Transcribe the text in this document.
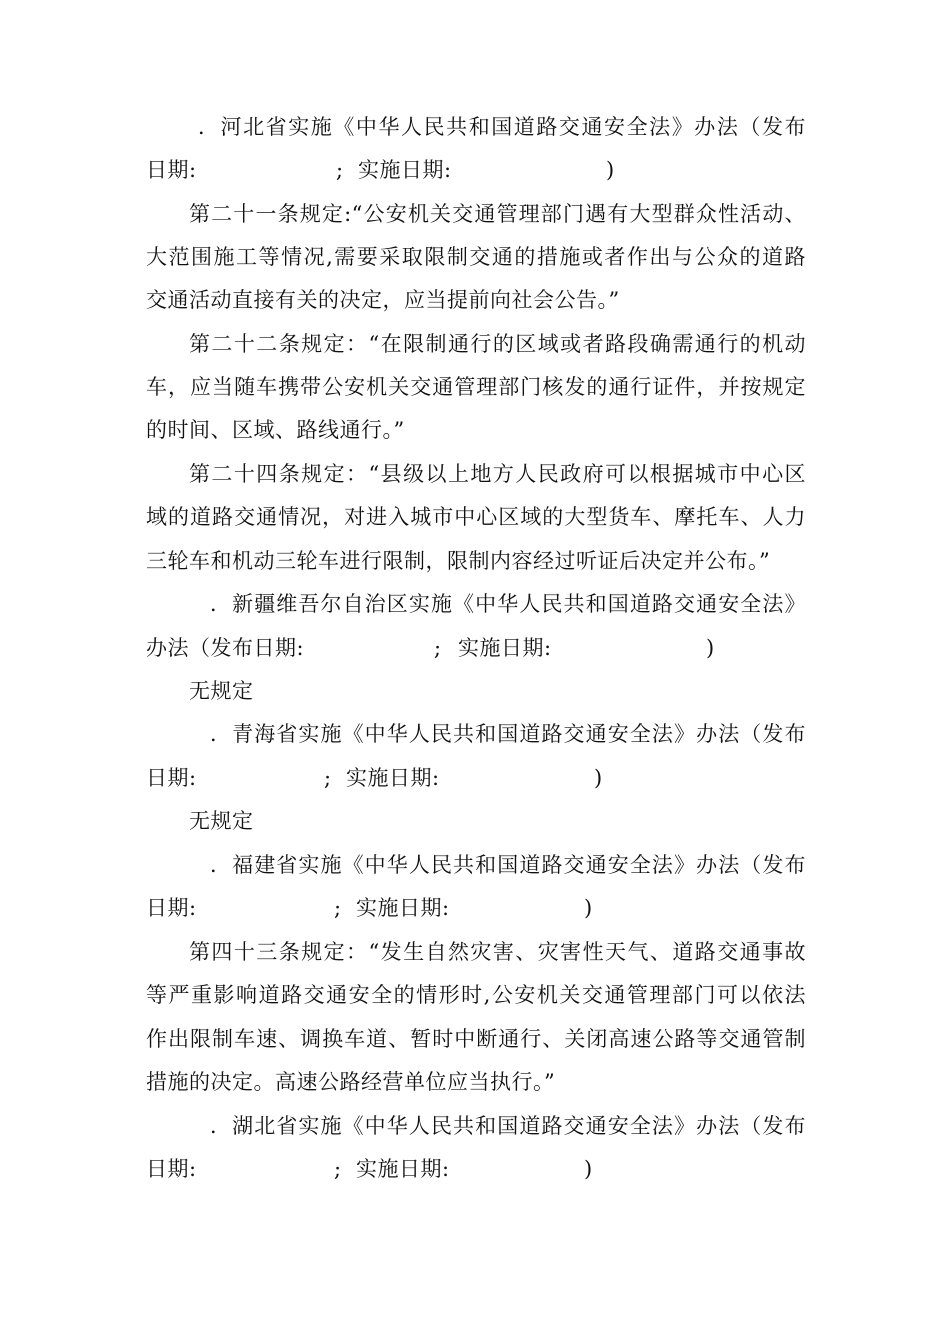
．河北省实施《中华人民共和国道路交通安全法》办法（发布
日期:	; 实施日期:	)
第二十一条规定:“公安机关交通管理部门遇有大型群众性活动、
大范围施工等情况,需要采取限制交通的措施或者作出与公众的道路
交通活动直接有关的决定，应当提前向社会公告。”
第二十二条规定：“在限制通行的区域或者路段确需通行的机动
车，应当随车携带公安机关交通管理部门核发的通行证件，并按规定
的时间、区域、路线通行。”
第二十四条规定：“县级以上地方人民政府可以根据城市中心区
域的道路交通情况，对进入城市中心区域的大型货车、摩托车、人力
三轮车和机动三轮车进行限制，限制内容经过听证后决定并公布。”
．新疆维吾尔自治区实施《中华人民共和国道路交通安全法》
办法（发布日期:	; 实施日期:	)
无规定
．青海省实施《中华人民共和国道路交通安全法》办法（发布
日期:	; 实施日期:	)
无规定
．福建省实施《中华人民共和国道路交通安全法》办法（发布
日期:	; 实施日期:	)
第四十三条规定：“发生自然灾害、灾害性天气、道路交通事故
等严重影响道路交通安全的情形时,公安机关交通管理部门可以依法
作出限制车速、调换车道、暂时中断通行、关闭高速公路等交通管制
措施的决定。高速公路经营单位应当执行。”
．湖北省实施《中华人民共和国道路交通安全法》办法（发布
日期:	; 实施日期:	)
